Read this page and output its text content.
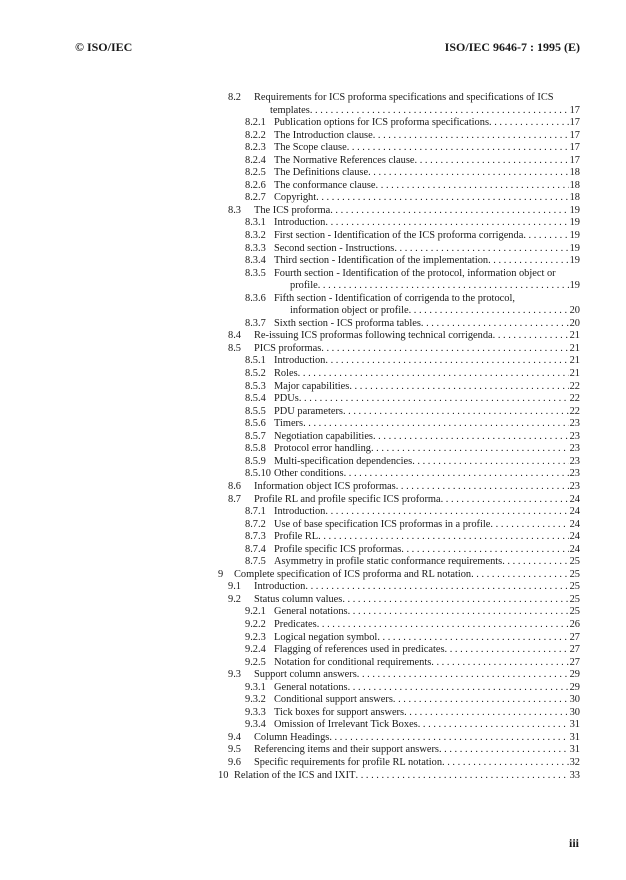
© ISO/IEC	ISO/IEC 9646-7 : 1995 (E)
8.2 Requirements for ICS proforma specifications and specifications of ICS
templates . . .	17
8.2.1 Publication options for ICS proforma specifications . . .	17
8.2.2 The Introduction clause . . .	17
8.2.3 The Scope clause . . .	17
8.2.4 The Normative References clause . . .	17
8.2.5 The Definitions clause . . .	18
8.2.6 The conformance clause . . .	18
8.2.7 Copyright . . .	18
8.3 The ICS proforma . . .	19
8.3.1 Introduction . . .	19
8.3.2 First section - Identification of the ICS proforma corrigenda . . .	19
8.3.3 Second section - Instructions . . .	19
8.3.4 Third section - Identification of the implementation . . .	19
8.3.5 Fourth section - Identification of the protocol, information object or
profile . . .	19
8.3.6 Fifth section - Identification of corrigenda to the protocol,
information object or profile . . .	20
8.3.7 Sixth section - ICS proforma tables . . .	20
8.4 Re-issuing ICS proformas following technical corrigenda . . .	21
8.5 PICS proformas . . .	21
8.5.1 Introduction . . .	21
8.5.2 Roles . . .	21
8.5.3 Major capabilities . . .	22
8.5.4 PDUs . . .	22
8.5.5 PDU parameters . . .	22
8.5.6 Timers . . .	23
8.5.7 Negotiation capabilities . . .	23
8.5.8 Protocol error handling . . .	23
8.5.9 Multi-specification dependencies . . .	23
8.5.10 Other conditions . . .	23
8.6 Information object ICS proformas . . .	23
8.7 Profile RL and profile specific ICS proforma . . .	24
8.7.1 Introduction . . .	24
8.7.2 Use of base specification ICS proformas in a profile . . .	24
8.7.3 Profile RL . . .	24
8.7.4 Profile specific ICS proformas . . .	24
8.7.5 Asymmetry in profile static conformance requirements . . .	25
9 Complete specification of ICS proforma and RL notation . . .	25
9.1 Introduction . . .	25
9.2 Status column values . . .	25
9.2.1 General notations . . .	25
9.2.2 Predicates . . .	26
9.2.3 Logical negation symbol . . .	27
9.2.4 Flagging of references used in predicates . . .	27
9.2.5 Notation for conditional requirements . . .	27
9.3 Support column answers . . .	29
9.3.1 General notations . . .	29
9.3.2 Conditional support answers . . .	30
9.3.3 Tick boxes for support answers . . .	30
9.3.4 Omission of Irrelevant Tick Boxes . . .	31
9.4 Column Headings . . .	31
9.5 Referencing items and their support answers . . .	31
9.6 Specific requirements for profile RL notation . . .	32
10 Relation of the ICS and IXIT . . .	33
iii
